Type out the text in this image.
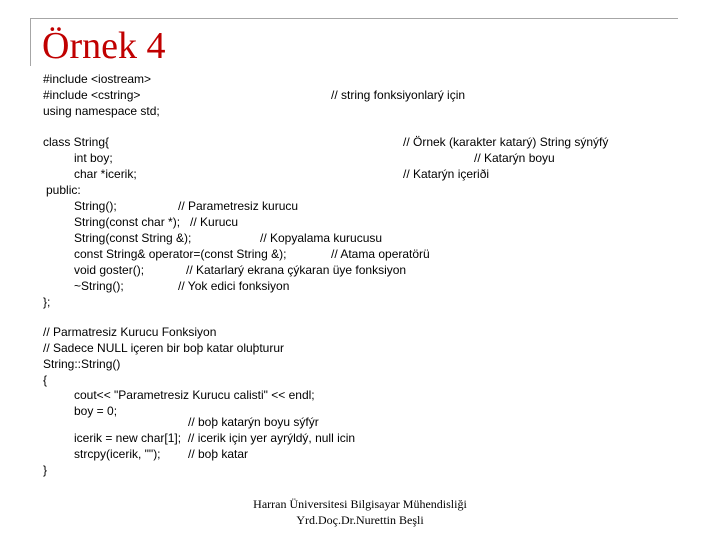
Örnek 4
#include <iostream>
#include <cstring>	// string fonksiyonlarý için
using namespace std;
class String{	// Örnek (karakter katarý) String sýnýfý
int boy;	// Katarýn boyu
char *icerik;	// Katarýn içeriði
public:
String();	// Parametresiz kurucu
String(const char *);   // Kurucu
String(const String &);	// Kopyalama kurucusu
const String& operator=(const String &);	// Atama operatörü
void goster();	// Katarlarý ekrana çýkaran üye fonksiyon
~String();	// Yok edici fonksiyon
};
// Parmatresiz Kurucu Fonksiyon
// Sadece NULL içeren bir boþ katar oluþturur
String::String()
{
cout<< "Parametresiz Kurucu calisti" << endl;
boy = 0;
// boþ katarýn boyu sýfýr
icerik = new char[1];  // icerik için yer ayrýldý, null icin
strcpy(icerik, ""); // boþ katar
}
Harran Üniversitesi Bilgisayar Mühendisliği
Yrd.Doç.Dr.Nurettin Beşli
